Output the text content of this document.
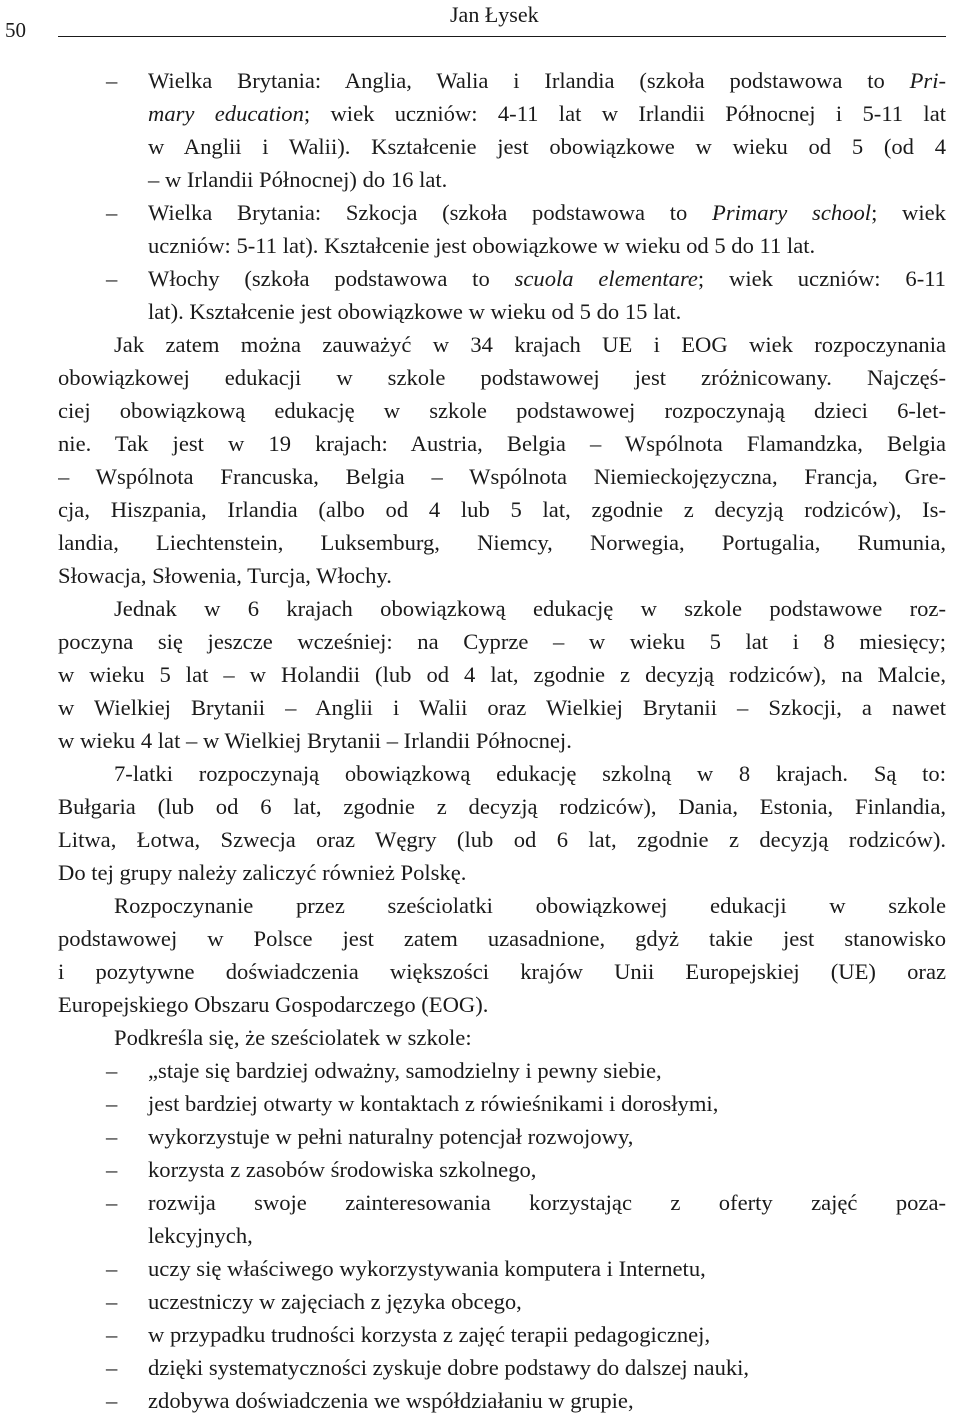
50
Jan Łysek
– Wielka Brytania: Anglia, Walia i Irlandia (szkoła podstawowa to Pri-
mary education; wiek uczniów: 4-11 lat w Irlandii Północnej i 5-11 lat
w Anglii i Walii). Kształcenie jest obowiązkowe w wieku od 5 (od 4
– w Irlandii Północnej) do 16 lat.
– Wielka Brytania: Szkocja (szkoła podstawowa to Primary school; wiek
uczniów: 5-11 lat). Kształcenie jest obowiązkowe w wieku od 5 do 11 lat.
– Włochy (szkoła podstawowa to scuola elementare; wiek uczniów: 6-11
lat). Kształcenie jest obowiązkowe w wieku od 5 do 15 lat.
Jak zatem można zauważyć w 34 krajach UE i EOG wiek rozpoczynania
obowiązkowej edukacji w szkole podstawowej jest zróżnicowany. Najczęś-
ciej obowiązkową edukację w szkole podstawowej rozpoczynają dzieci 6-let-
nie. Tak jest w 19 krajach: Austria, Belgia – Wspólnota Flamandzka, Belgia
– Wspólnota Francuska, Belgia – Wspólnota Niemieckojęzyczna, Francja, Gre-
cja, Hiszpania, Irlandia (albo od 4 lub 5 lat, zgodnie z decyzją rodziców), Is-
landia, Liechtenstein, Luksemburg, Niemcy, Norwegia, Portugalia, Rumunia,
Słowacja, Słowenia, Turcja, Włochy.
Jednak w 6 krajach obowiązkową edukację w szkole podstawowe roz-
poczyna się jeszcze wcześniej: na Cyprze – w wieku 5 lat i 8 miesięcy;
w wieku 5 lat – w Holandii (lub od 4 lat, zgodnie z decyzją rodziców), na Malcie,
w Wielkiej Brytanii – Anglii i Walii oraz Wielkiej Brytanii – Szkocji, a nawet
w wieku 4 lat – w Wielkiej Brytanii – Irlandii Północnej.
7-latki rozpoczynają obowiązkową edukację szkolną w 8 krajach. Są to:
Bułgaria (lub od 6 lat, zgodnie z decyzją rodziców), Dania, Estonia, Finlandia,
Litwa, Łotwa, Szwecja oraz Węgry (lub od 6 lat, zgodnie z decyzją rodziców).
Do tej grupy należy zaliczyć również Polskę.
Rozpoczynanie przez sześciolatki obowiązkowej edukacji w szkole
podstawowej w Polsce jest zatem uzasadnione, gdyż takie jest stanowisko
i pozytywne doświadczenia większości krajów Unii Europejskiej (UE) oraz
Europejskiego Obszaru Gospodarczego (EOG).
Podkreśla się, że sześciolatek w szkole:
– „staje się bardziej odważny, samodzielny i pewny siebie,
– jest bardziej otwarty w kontaktach z rówieśnikami i dorosłymi,
– wykorzystuje w pełni naturalny potencjał rozwojowy,
– korzysta z zasobów środowiska szkolnego,
– rozwija swoje zainteresowania korzystając z oferty zajęć poza-
lekcyjnych,
– uczy się właściwego wykorzystywania komputera i Internetu,
– uczestniczy w zajęciach z języka obcego,
– w przypadku trudności korzysta z zajęć terapii pedagogicznej,
– dzięki systematyczności zyskuje dobre podstawy do dalszej nauki,
– zdobywa doświadczenia we współdziałaniu w grupie,
